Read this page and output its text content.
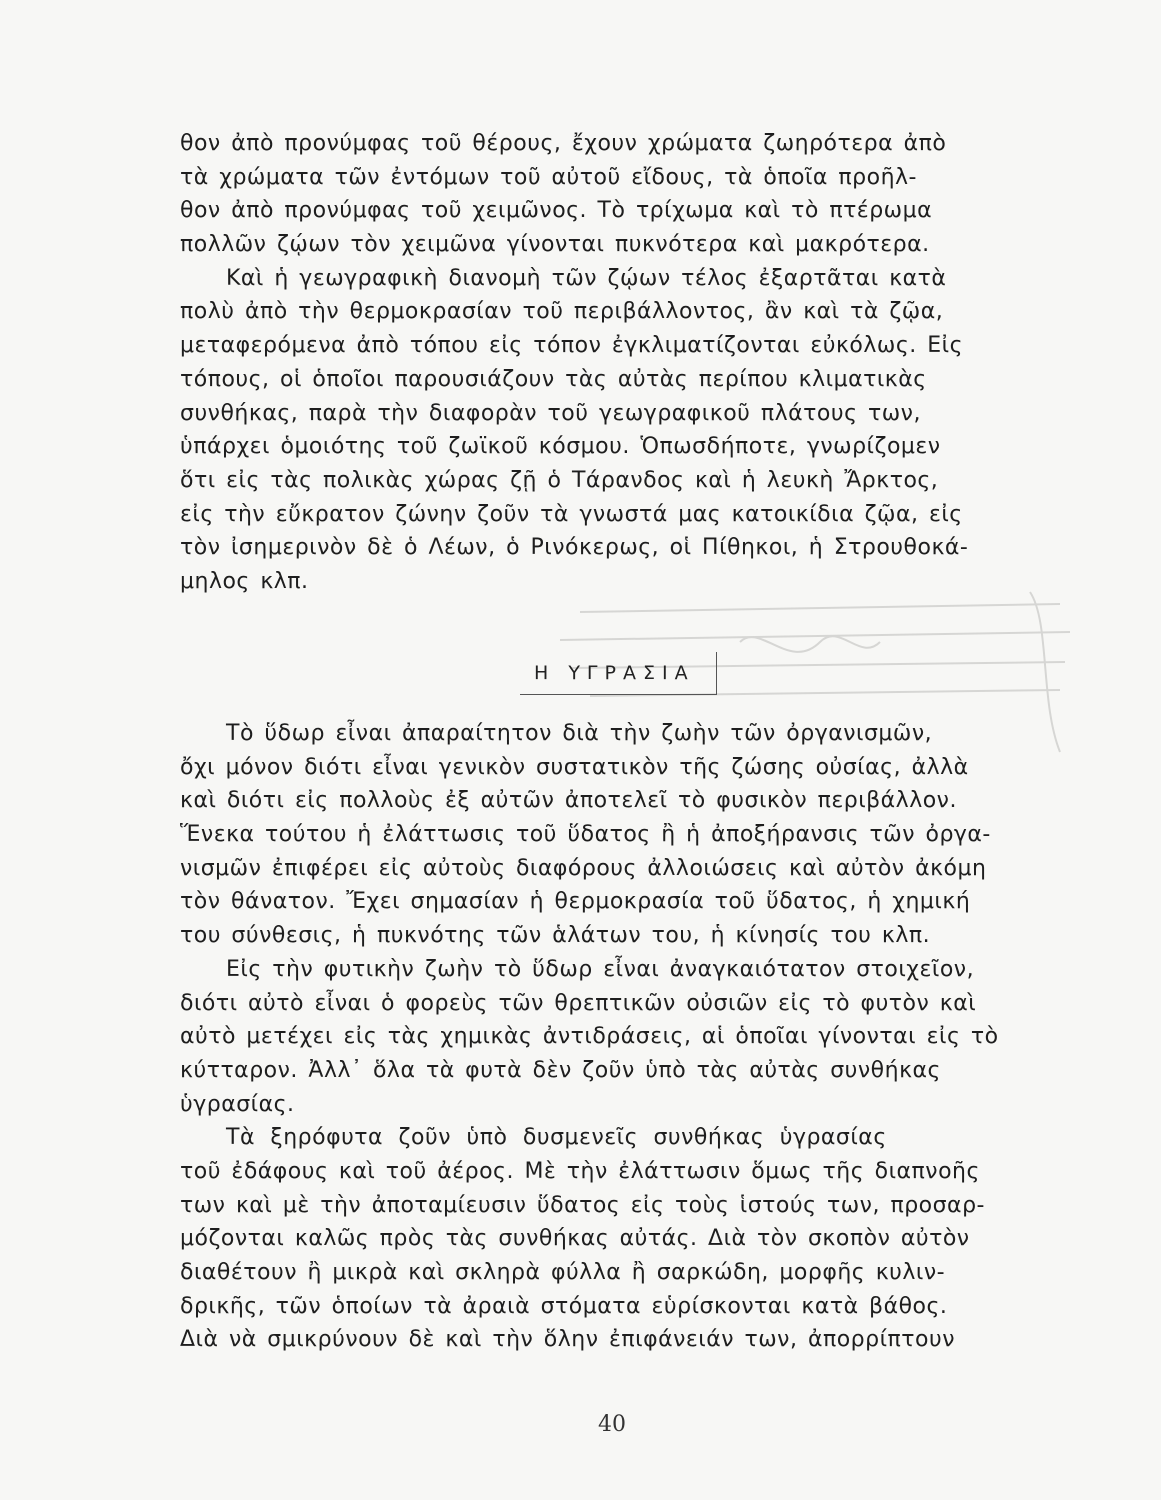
θον ἀπὸ προνύμφας τοῦ θέρους, ἔχουν χρώματα ζωηρότερα ἀπὸ
τὰ χρώματα τῶν ἐντόμων τοῦ αὐτοῦ εἴδους, τὰ ὁποῖα προῆλ-
θον ἀπὸ προνύμφας τοῦ χειμῶνος. Τὸ τρίχωμα καὶ τὸ πτέρωμα
πολλῶν ζῴων τὸν χειμῶνα γίνονται πυκνότερα καὶ μακρότερα.
Καὶ ἡ γεωγραφικὴ διανομὴ τῶν ζῴων τέλος ἐξαρτᾶται κατὰ
πολὺ ἀπὸ τὴν θερμοκρασίαν τοῦ περιβάλλοντος, ἂν καὶ τὰ ζῷα,
μεταφερόμενα ἀπὸ τόπου εἰς τόπον ἐγκλιματίζονται εὐκόλως. Εἰς
τόπους, οἱ ὁποῖοι παρουσιάζουν τὰς αὐτὰς περίπου κλιματικὰς
συνθήκας, παρὰ τὴν διαφορὰν τοῦ γεωγραφικοῦ πλάτους των,
ὑπάρχει ὁμοιότης τοῦ ζωϊκοῦ κόσμου. Ὁπωσδήποτε, γνωρίζομεν
ὅτι εἰς τὰς πολικὰς χώρας ζῇ ὁ Τάρανδος καὶ ἡ λευκὴ Ἄρκτος,
εἰς τὴν εὔκρατον ζώνην ζοῦν τὰ γνωστά μας κατοικίδια ζῷα, εἰς
τὸν ἰσημερινὸν δὲ ὁ Λέων, ὁ Ρινόκερως, οἱ Πίθηκοι, ἡ Στρουθοκά-
μηλος κλπ.
Η ΥΓΡΑΣΙΑ
Τὸ ὕδωρ εἶναι ἀπαραίτητον διὰ τὴν ζωὴν τῶν ὀργανισμῶν,
ὄχι μόνον διότι εἶναι γενικὸν συστατικὸν τῆς ζώσης οὐσίας, ἀλλὰ
καὶ διότι εἰς πολλοὺς ἐξ αὐτῶν ἀποτελεῖ τὸ φυσικὸν περιβάλλον.
Ἕνεκα τούτου ἡ ἐλάττωσις τοῦ ὕδατος ἢ ἡ ἀποξήρανσις τῶν ὀργα-
νισμῶν ἐπιφέρει εἰς αὐτοὺς διαφόρους ἀλλοιώσεις καὶ αὐτὸν ἀκόμη
τὸν θάνατον. Ἔχει σημασίαν ἡ θερμοκρασία τοῦ ὕδατος, ἡ χημική
του σύνθεσις, ἡ πυκνότης τῶν ἁλάτων του, ἡ κίνησίς του κλπ.
Εἰς τὴν φυτικὴν ζωὴν τὸ ὕδωρ εἶναι ἀναγκαιότατον στοιχεῖον,
διότι αὐτὸ εἶναι ὁ φορεὺς τῶν θρεπτικῶν οὐσιῶν εἰς τὸ φυτὸν καὶ
αὐτὸ μετέχει εἰς τὰς χημικὰς ἀντιδράσεις, αἱ ὁποῖαι γίνονται εἰς τὸ
κύτταρον. Ἀλλ᾽ ὅλα τὰ φυτὰ δὲν ζοῦν ὑπὸ τὰς αὐτὰς συνθήκας
ὑγρασίας.
Τὰ ξηρόφυτα ζοῦν ὑπὸ δυσμενεῖς συνθήκας ὑγρασίας
τοῦ ἐδάφους καὶ τοῦ ἀέρος. Μὲ τὴν ἐλάττωσιν ὅμως τῆς διαπνοῆς
των καὶ μὲ τὴν ἀποταμίευσιν ὕδατος εἰς τοὺς ἱστούς των, προσαρ-
μόζονται καλῶς πρὸς τὰς συνθήκας αὐτάς. Διὰ τὸν σκοπὸν αὐτὸν
διαθέτουν ἢ μικρὰ καὶ σκληρὰ φύλλα ἢ σαρκώδη, μορφῆς κυλιν-
δρικῆς, τῶν ὁποίων τὰ ἀραιὰ στόματα εὑρίσκονται κατὰ βάθος.
Διὰ νὰ σμικρύνουν δὲ καὶ τὴν ὅλην ἐπιφάνειάν των, ἀπορρίπτουν
40
